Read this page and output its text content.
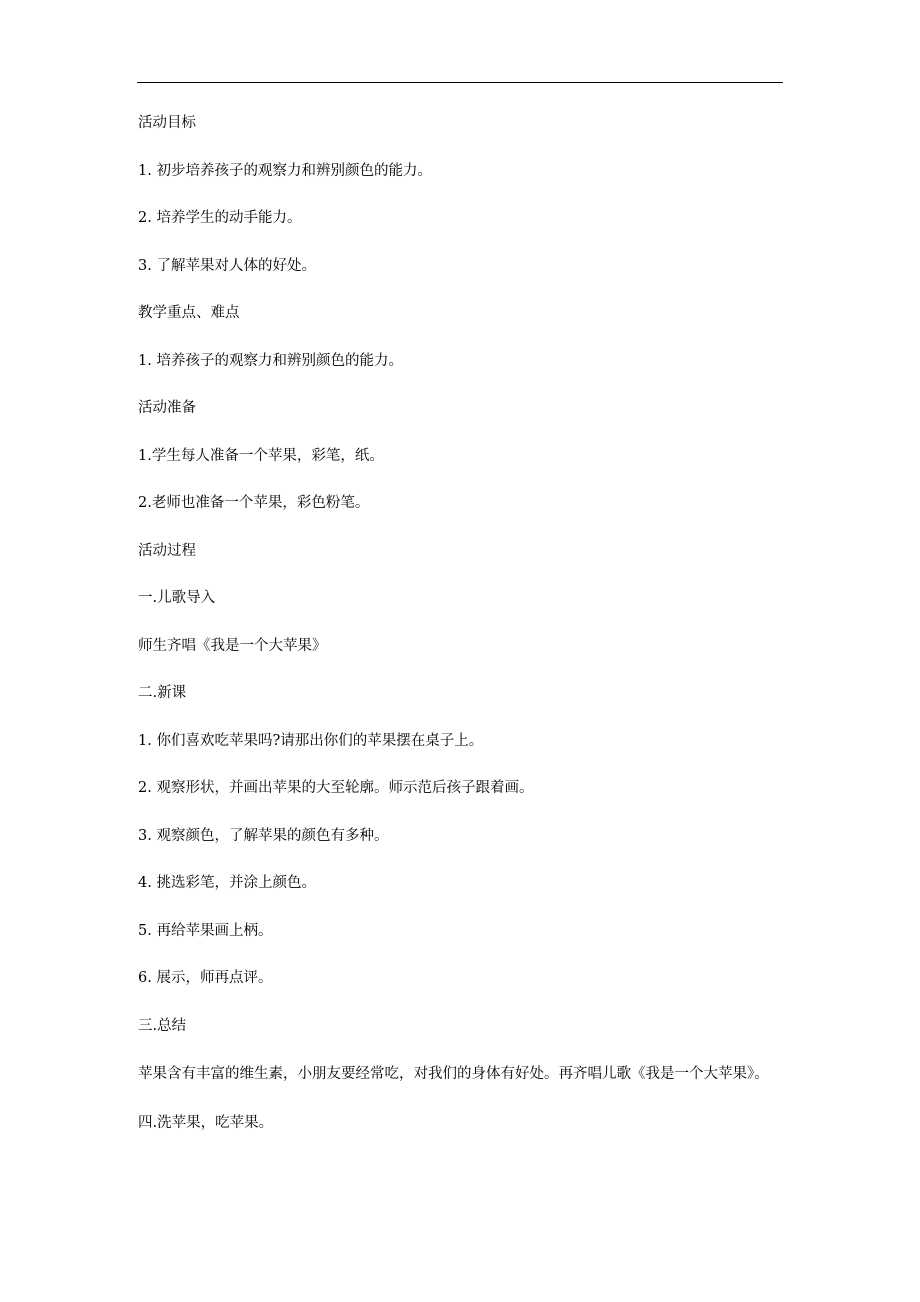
活动目标

1. 初步培养孩子的观察力和辨别颜色的能力。

2. 培养学生的动手能力。

3. 了解苹果对人体的好处。

教学重点、难点

1. 培养孩子的观察力和辨别颜色的能力。

活动准备

1.学生每人准备一个苹果，彩笔，纸。

2.老师也准备一个苹果，彩色粉笔。

活动过程

一.儿歌导入

师生齐唱《我是一个大苹果》

二.新课

1. 你们喜欢吃苹果吗?请那出你们的苹果摆在桌子上。

2. 观察形状，并画出苹果的大至轮廓。师示范后孩子跟着画。

3. 观察颜色，了解苹果的颜色有多种。

4. 挑选彩笔，并涂上颜色。

5. 再给苹果画上柄。

6. 展示，师再点评。

三.总结

苹果含有丰富的维生素，小朋友要经常吃，对我们的身体有好处。再齐唱儿歌《我是一个大苹果》。

四.洗苹果，吃苹果。
